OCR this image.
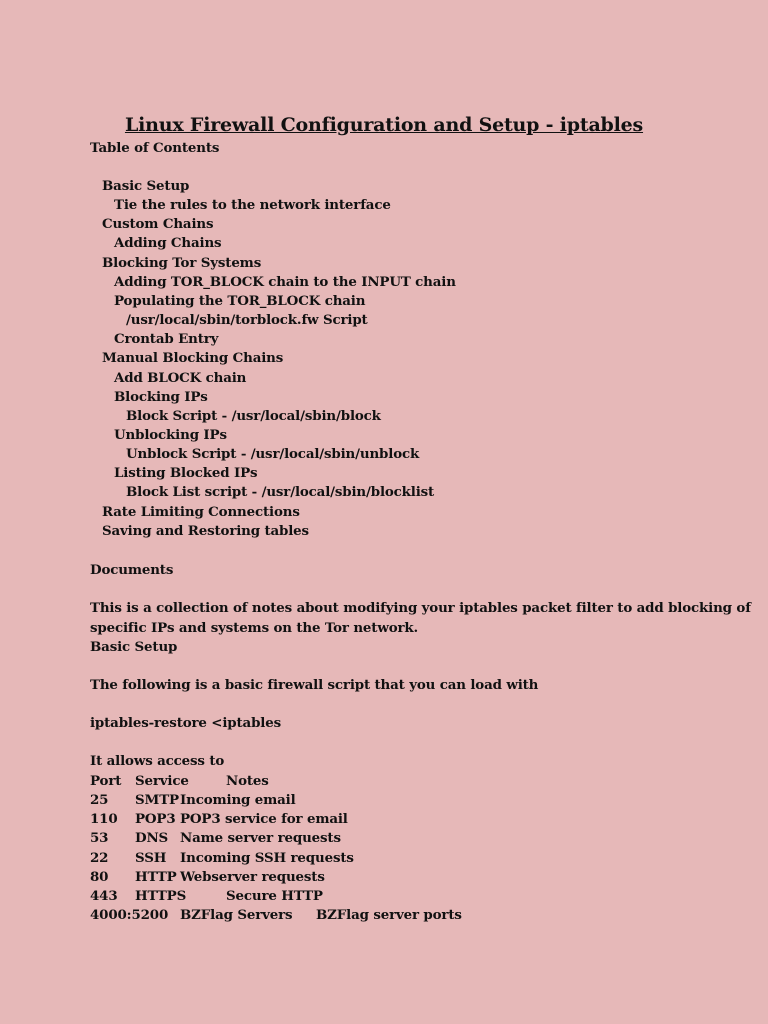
Linux Firewall Configuration and Setup - iptables
Table of Contents
Basic Setup
Tie the rules to the network interface
Custom Chains
Adding Chains
Blocking Tor Systems
Adding TOR_BLOCK chain to the INPUT chain
Populating the TOR_BLOCK chain
/usr/local/sbin/torblock.fw Script
Crontab Entry
Manual Blocking Chains
Add BLOCK chain
Blocking IPs
Block Script - /usr/local/sbin/block
Unblocking IPs
Unblock Script - /usr/local/sbin/unblock
Listing Blocked IPs
Block List script - /usr/local/sbin/blocklist
Rate Limiting Connections
Saving and Restoring tables
Documents
This is a collection of notes about modifying your iptables packet filter to add blocking of
specific IPs and systems on the Tor network.
Basic Setup
The following is a basic firewall script that you can load with
iptables-restore <iptables
It allows access to
Port Service	Notes
25 SMTP Incoming email
110 POP3 POP3 service for email
53 DNS Name server requests
22 SSH Incoming SSH requests
80 HTTP Webserver requests
443 HTTPS	Secure HTTP
4000:5200 BZFlag Servers BZFlag server ports
